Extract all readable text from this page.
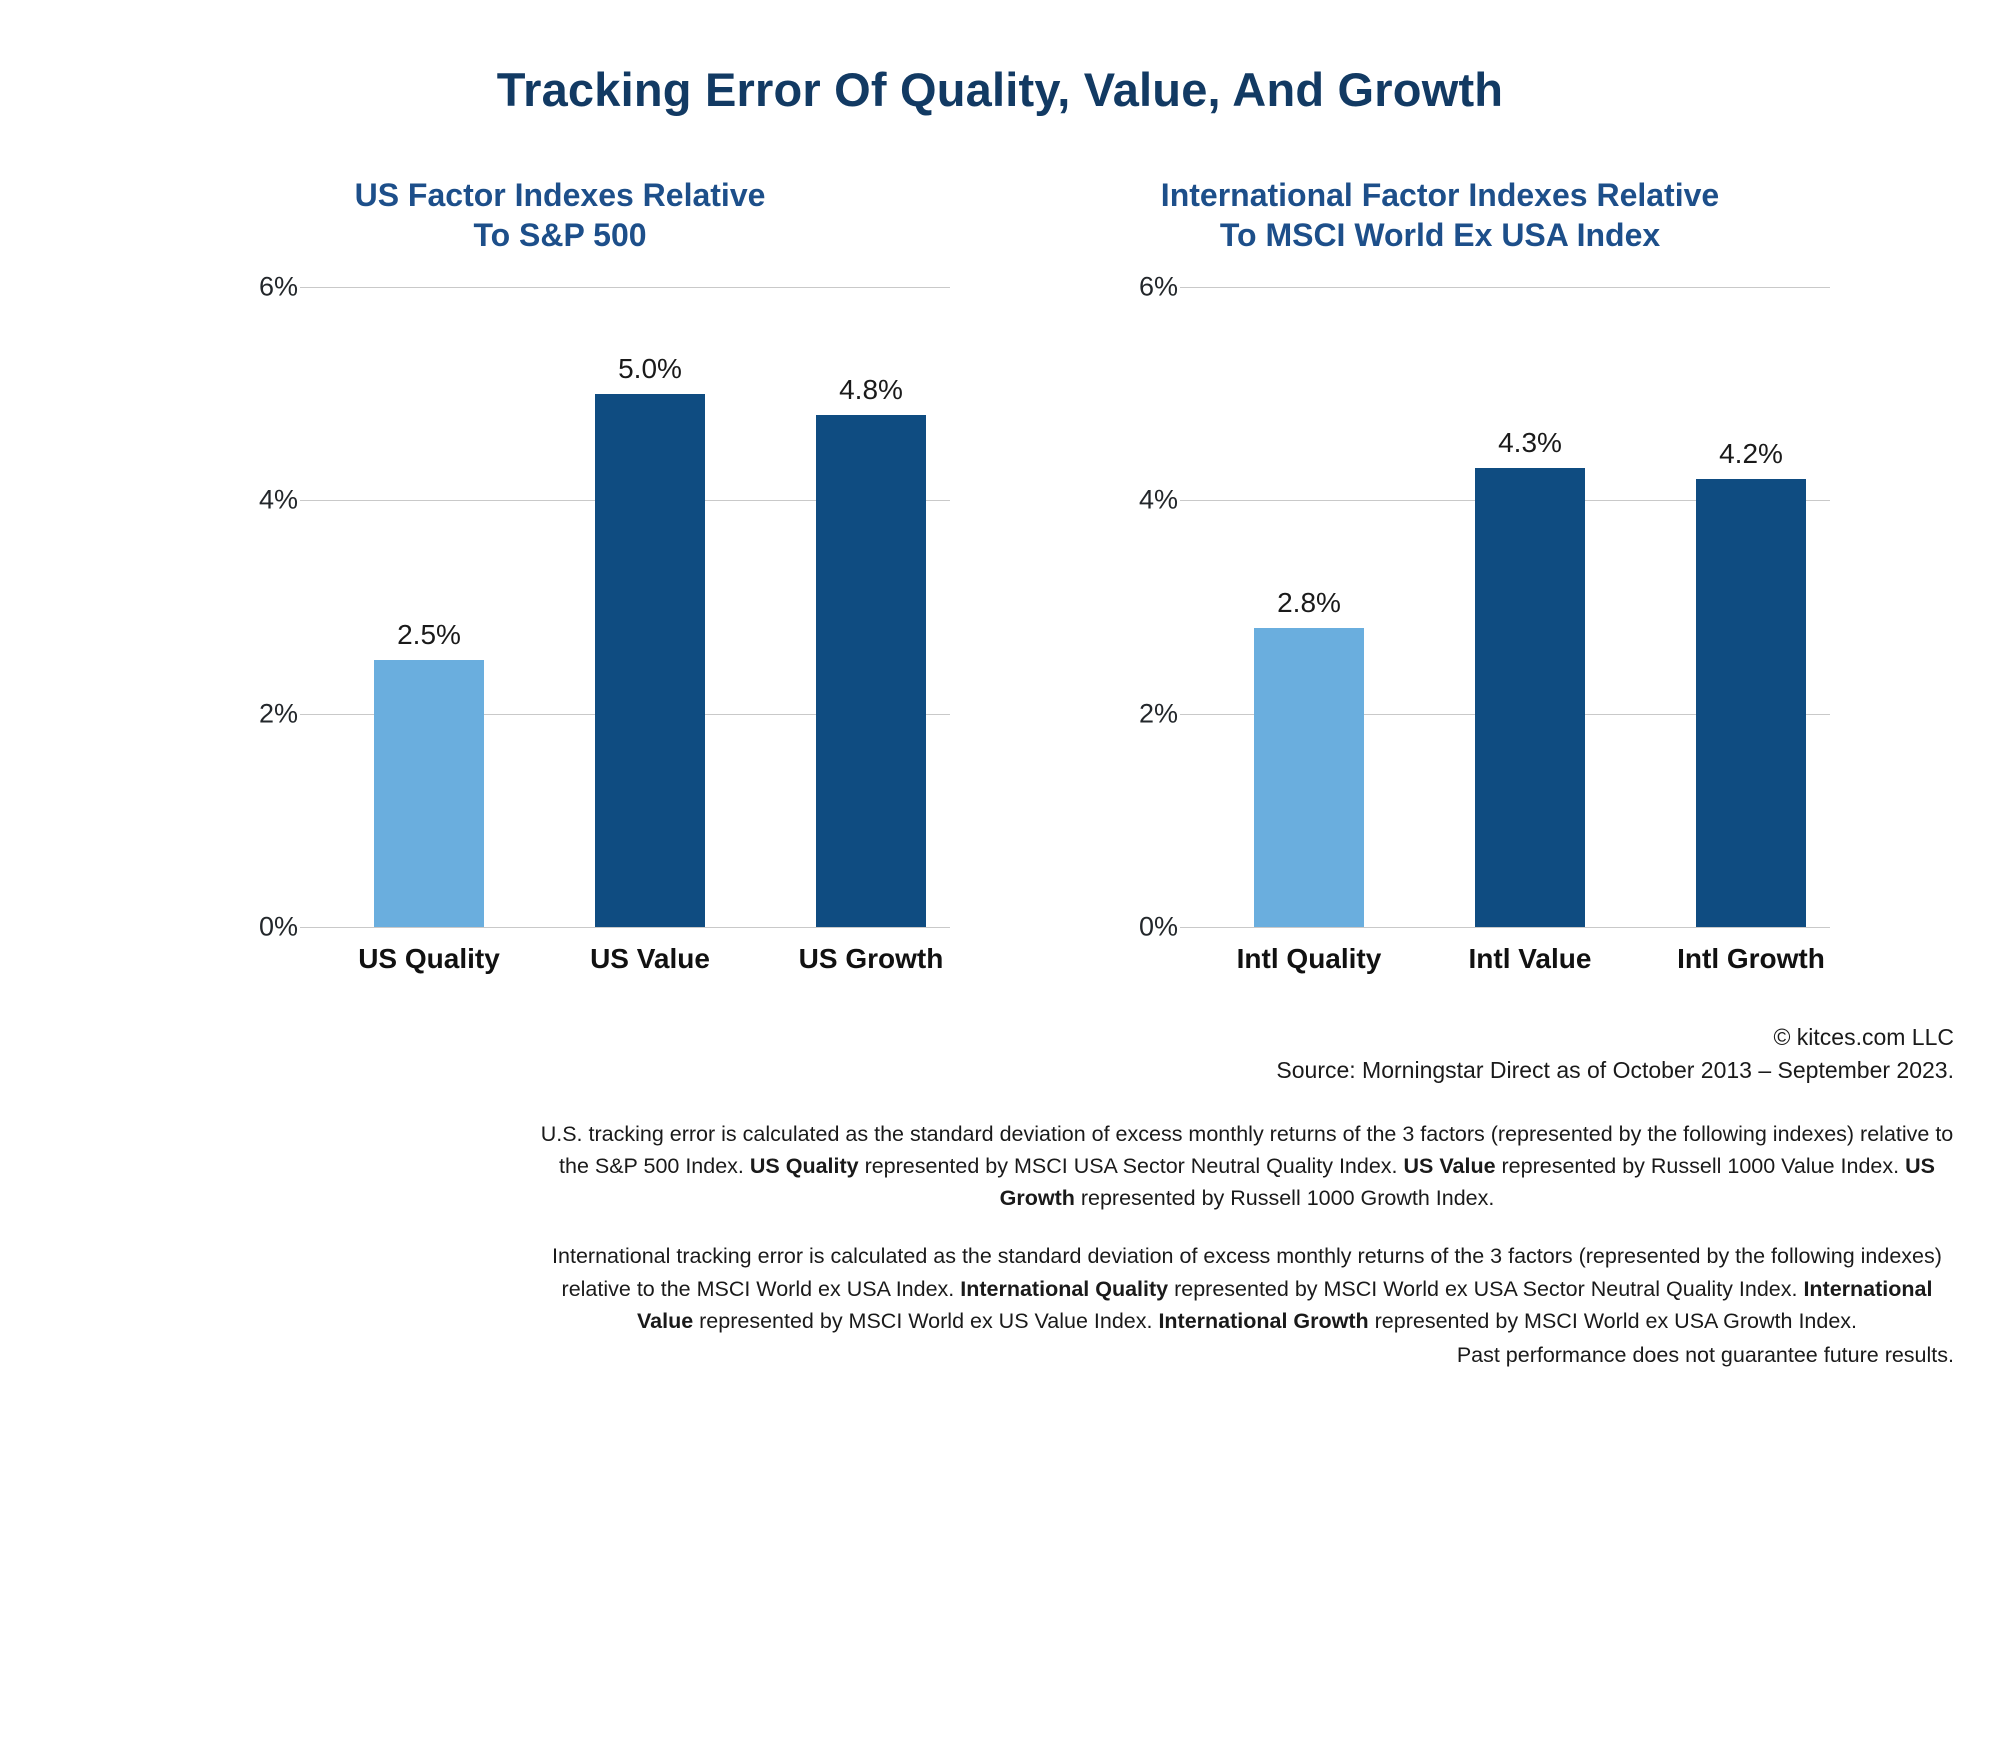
Tracking Error Of Quality, Value, And Growth
US Factor Indexes Relative
To S&P 500
6%
4%
2%
0%
2.5%
5.0%
4.8%
US Quality	US Value	US Growth
International Factor Indexes Relative
To MSCI World Ex USA Index
6%
4%
2%
0%
2.8%
4.3%	4.2%
Intl Quality	Intl Value	Intl Growth
© kitces.com LLC
Source: Morningstar Direct as of October 2013 – September 2023.

U.S. tracking error is calculated as the standard deviation of excess monthly returns of the 3 factors (represented by the following indexes) relative to the S&P 500 Index. US Quality represented by MSCI USA Sector Neutral Quality Index. US Value represented by Russell 1000 Value Index. US Growth represented by Russell 1000 Growth Index.

International tracking error is calculated as the standard deviation of excess monthly returns of the 3 factors (represented by the following indexes) relative to the MSCI World ex USA Index. International Quality represented by MSCI World ex USA Sector Neutral Quality Index. International Value represented by MSCI World ex US Value Index. International Growth represented by MSCI World ex USA Growth Index.

Past performance does not guarantee future results.
